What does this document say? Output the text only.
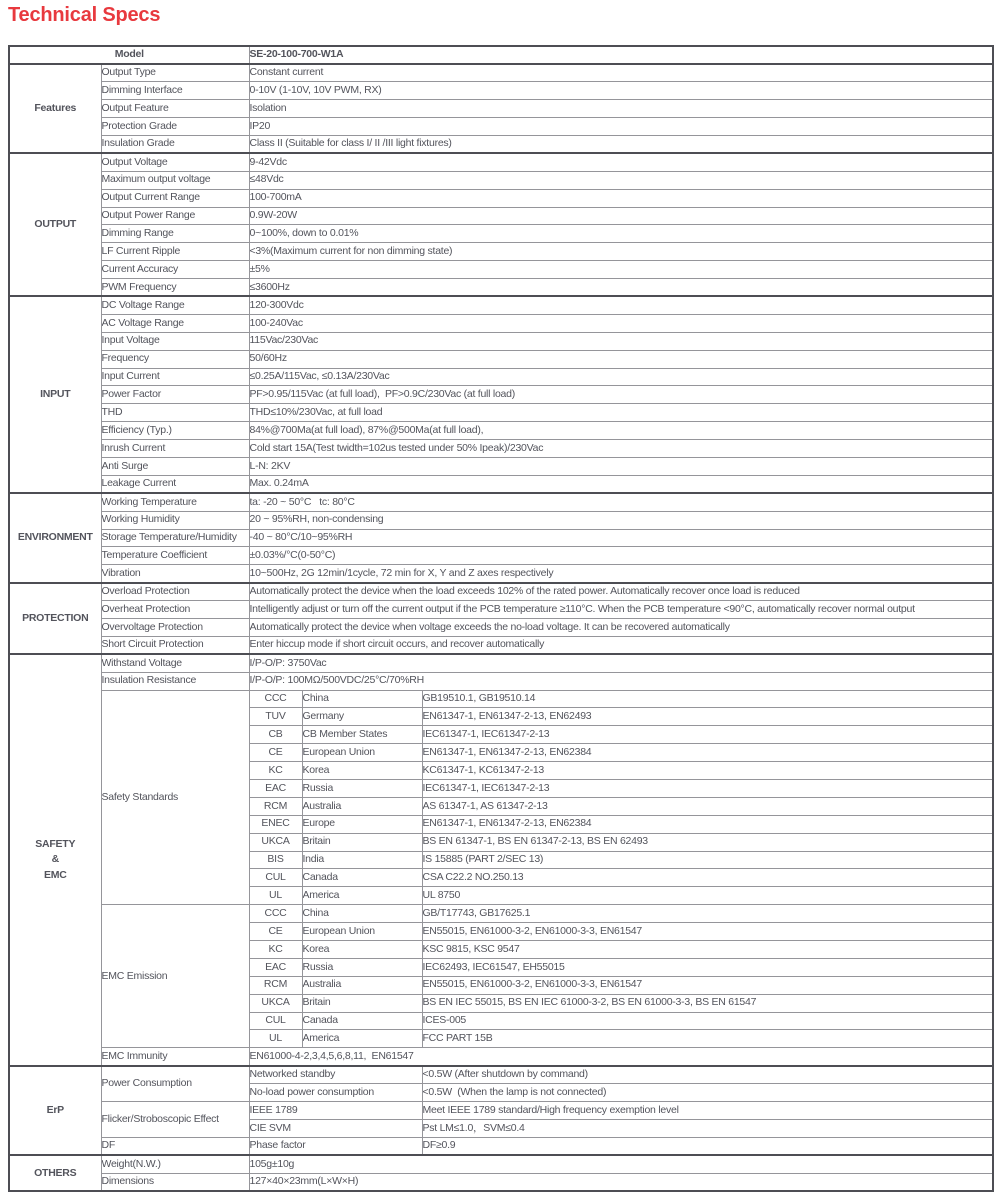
Technical Specs
Model		SE-20-100-700-W1A		

Features	Output Type	Constant current		
	Dimming Interface	0-10V (1-10V, 10V PWM, RX)		
	Output Feature	Isolation		
	Protection Grade	IP20		
	Insulation Grade	Class II (Suitable for class I/ II /III light fixtures)		

OUTPUT	Output Voltage	9-42Vdc		
	Maximum output voltage	≤48Vdc		
	Output Current Range	100-700mA		
	Output Power Range	0.9W-20W		
	Dimming Range	0~100%, down to 0.01%		
	LF Current Ripple	<3%(Maximum current for non dimming state)		
	Current Accuracy	±5%		
	PWM Frequency	≤3600Hz		

INPUT	DC Voltage Range	120-300Vdc		
	AC Voltage Range	100-240Vac		
	Input Voltage	115Vac/230Vac		
	Frequency	50/60Hz		
	Input Current	≤0.25A/115Vac, ≤0.13A/230Vac		
	Power Factor	PF>0.95/115Vac (at full load),  PF>0.9C/230Vac (at full load)		
	THD	THD≤10%/230Vac, at full load		
	Efficiency (Typ.)	84%@700Ma(at full load), 87%@500Ma(at full load),		
	Inrush Current	Cold start 15A(Test twidth=102us tested under 50% Ipeak)/230Vac		
	Anti Surge	L-N: 2KV		
	Leakage Current	Max. 0.24mA		

ENVIRONMENT	Working Temperature	ta: -20 ~ 50°C   tc: 80°C		
	Working Humidity	20 ~ 95%RH, non-condensing		
	Storage Temperature/Humidity	-40 ~ 80°C/10~95%RH		
	Temperature Coefficient	±0.03%/°C(0-50°C)		
	Vibration	10~500Hz, 2G 12min/1cycle, 72 min for X, Y and Z axes respectively		

PROTECTION	Overload Protection	Automatically protect the device when the load exceeds 102% of the rated power. Automatically recover once load is reduced		
	Overheat Protection	Intelligently adjust or turn off the current output if the PCB temperature ≥110°C. When the PCB temperature <90°C, automatically recover normal output		
	Overvoltage Protection	Automatically protect the device when voltage exceeds the no-load voltage. It can be recovered automatically		
	Short Circuit Protection	Enter hiccup mode if short circuit occurs, and recover automatically		

SAFETY
&
EMC	Withstand Voltage	I/P-O/P: 3750Vac		
	Insulation Resistance	I/P-O/P: 100MΩ/500VDC/25°C/70%RH		
	Safety Standards	CCC	China	GB19510.1, GB19510.14
		TUV	Germany	EN61347-1, EN61347-2-13, EN62493
		CB	CB Member States	IEC61347-1, IEC61347-2-13
		CE	European Union	EN61347-1, EN61347-2-13, EN62384
		KC	Korea	KC61347-1, KC61347-2-13
		EAC	Russia	IEC61347-1, IEC61347-2-13
		RCM	Australia	AS 61347-1, AS 61347-2-13
		ENEC	Europe	EN61347-1, EN61347-2-13, EN62384
		UKCA	Britain	BS EN 61347-1, BS EN 61347-2-13, BS EN 62493
		BIS	India	IS 15885 (PART 2/SEC 13)
		CUL	Canada	CSA C22.2 NO.250.13
		UL	America	UL 8750
	EMC Emission	CCC	China	GB/T17743, GB17625.1
		CE	European Union	EN55015, EN61000-3-2, EN61000-3-3, EN61547
		KC	Korea	KSC 9815, KSC 9547
		EAC	Russia	IEC62493, IEC61547, EH55015
		RCM	Australia	EN55015, EN61000-3-2, EN61000-3-3, EN61547
		UKCA	Britain	BS EN IEC 55015, BS EN IEC 61000-3-2, BS EN 61000-3-3, BS EN 61547
		CUL	Canada	ICES-005
		UL	America	FCC PART 15B
	EMC Immunity	EN61000-4-2,3,4,5,6,8,11,  EN61547		

ErP	Power Consumption	Networked standby		<0.5W (After shutdown by command)
		No-load power consumption		<0.5W  (When the lamp is not connected)
	Flicker/Stroboscopic Effect	IEEE 1789		Meet IEEE 1789 standard/High frequency exemption level
		CIE SVM		Pst LM≤1.0，SVM≤0.4
	DF	Phase factor		DF≥0.9

OTHERS	Weight(N.W.)	105g±10g		
	Dimensions	127×40×23mm(L×W×H)		
